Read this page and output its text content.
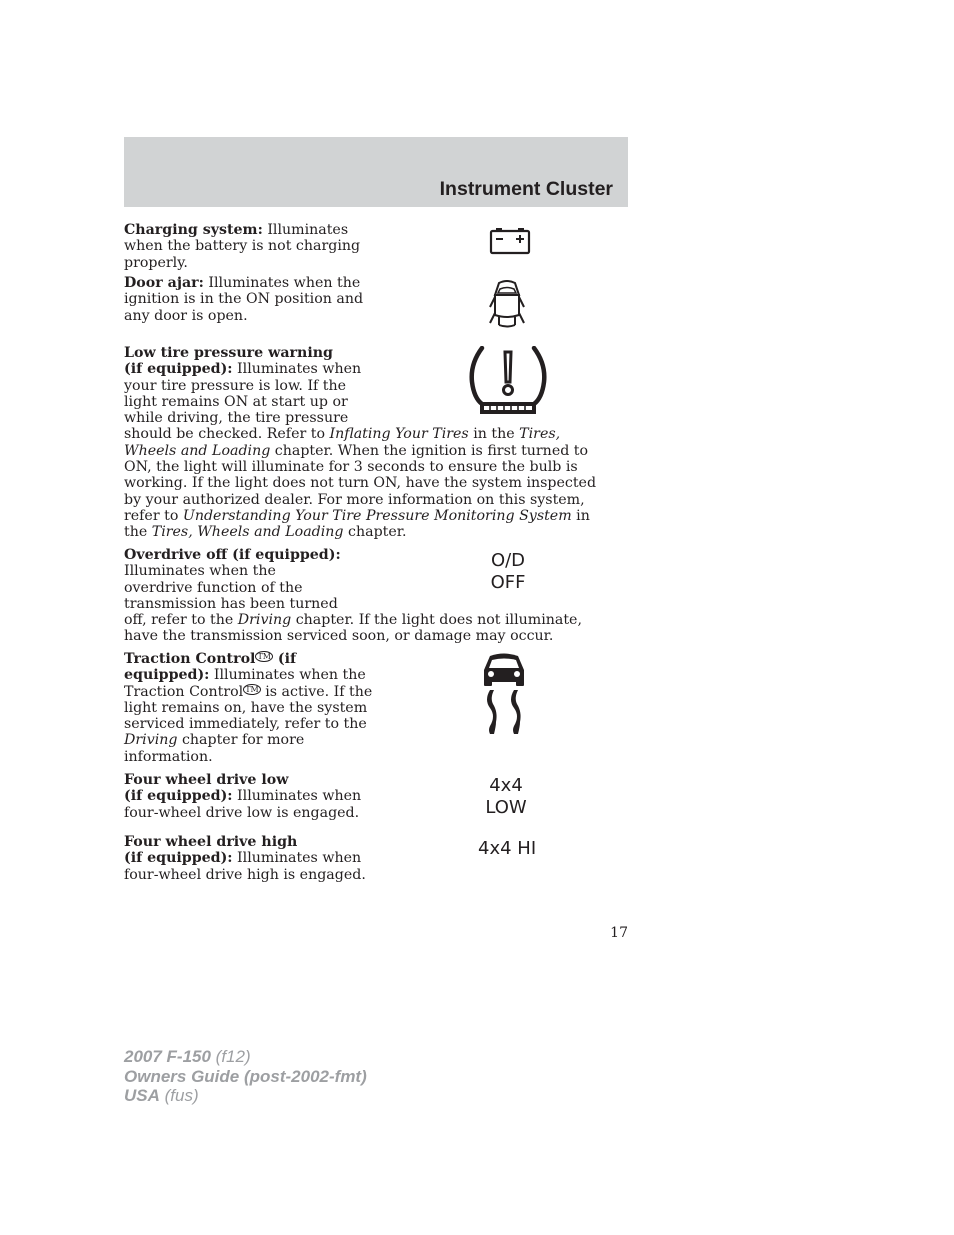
Instrument Cluster

Charging system: Illuminates when the battery is not charging properly.

Door ajar: Illuminates when the ignition is in the ON position and any door is open.

Low tire pressure warning
(if equipped): Illuminates when your tire pressure is low. If the light remains ON at start up or while driving, the tire pressure should be checked. Refer to Inflating Your Tires in the Tires, Wheels and Loading chapter. When the ignition is first turned to ON, the light will illuminate for 3 seconds to ensure the bulb is working. If the light does not turn ON, have the system inspected by your authorized dealer. For more information on this system, refer to Understanding Your Tire Pressure Monitoring System in the Tires, Wheels and Loading chapter.

Overdrive off (if equipped): Illuminates when the overdrive function of the transmission has been turned off, refer to the Driving chapter. If the light does not illuminate, have the transmission serviced soon, or damage may occur.

O/D
OFF

Traction Control ™ (if equipped): Illuminates when the Traction Control ™ is active. If the light remains on, have the system serviced immediately, refer to the Driving chapter for more information.

Four wheel drive low
(if equipped): Illuminates when four-wheel drive low is engaged.

4x4
LOW

Four wheel drive high
(if equipped): Illuminates when four-wheel drive high is engaged.

4x4 HI
17
2007 F-150 (f12)
Owners Guide (post-2002-fmt)
USA (fus)
